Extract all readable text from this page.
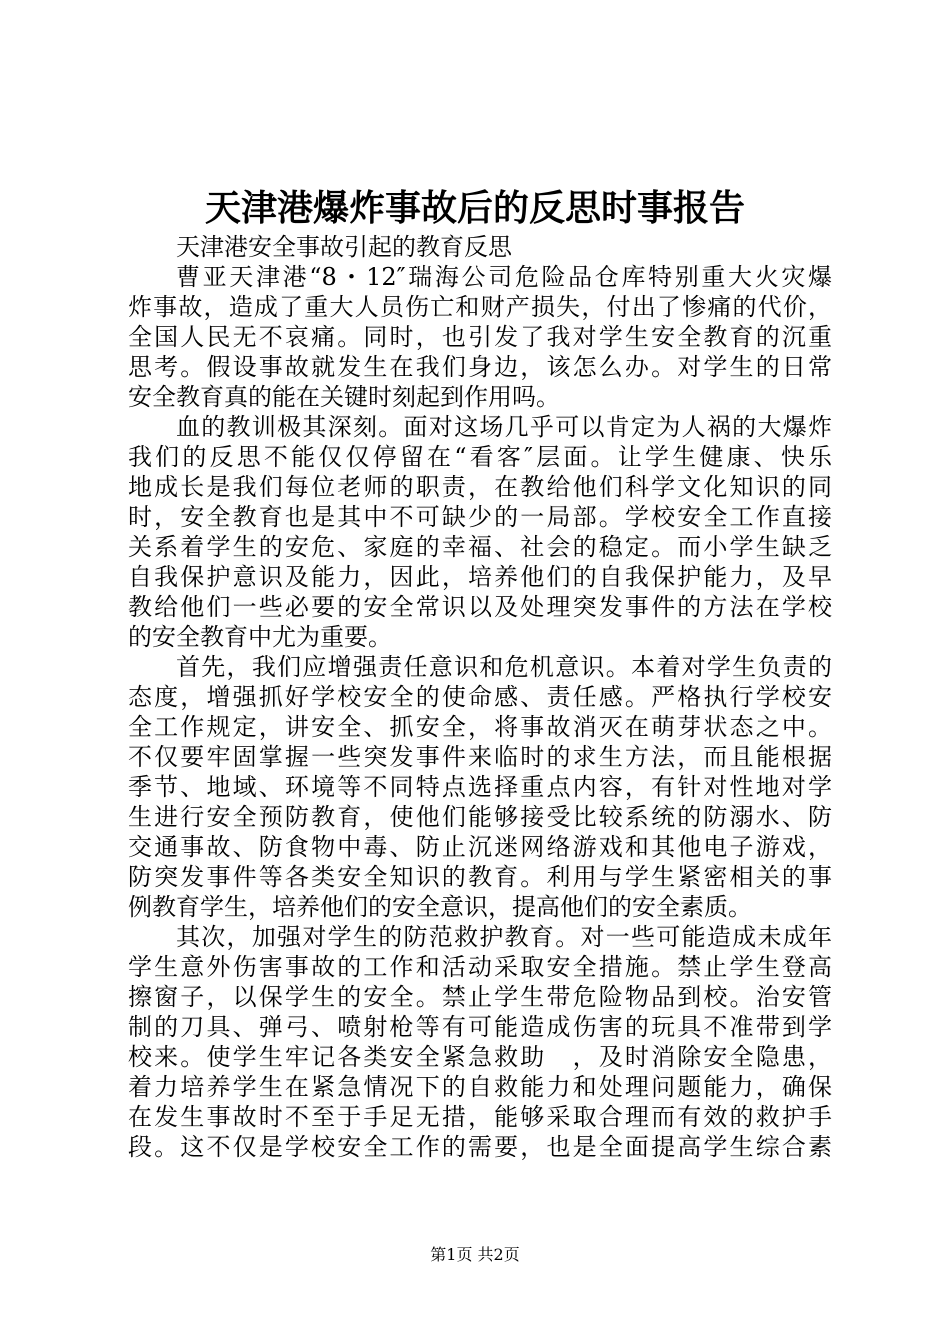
天津港爆炸事故后的反思时事报告
天津港安全事故引起的教育反思
曹亚天津港“8・12″瑞海公司危险品仓库特别重大火灾爆
炸事故，造成了重大人员伤亡和财产损失，付出了惨痛的代价，
全国人民无不哀痛。同时，也引发了我对学生安全教育的沉重
思考。假设事故就发生在我们身边，该怎么办。对学生的日常
安全教育真的能在关键时刻起到作用吗。
血的教训极其深刻。面对这场几乎可以肯定为人祸的大爆炸
我们的反思不能仅仅停留在“看客″层面。让学生健康、快乐
地成长是我们每位老师的职责，在教给他们科学文化知识的同
时，安全教育也是其中不可缺少的一局部。学校安全工作直接
关系着学生的安危、家庭的幸福、社会的稳定。而小学生缺乏
自我保护意识及能力，因此，培养他们的自我保护能力，及早
教给他们一些必要的安全常识以及处理突发事件的方法在学校
的安全教育中尤为重要。
首先，我们应增强责任意识和危机意识。本着对学生负责的
态度，增强抓好学校安全的使命感、责任感。严格执行学校安
全工作规定，讲安全、抓安全，将事故消灭在萌芽状态之中。
不仅要牢固掌握一些突发事件来临时的求生方法，而且能根据
季节、地域、环境等不同特点选择重点内容，有针对性地对学
生进行安全预防教育，使他们能够接受比较系统的防溺水、防
交通事故、防食物中毒、防止沉迷网络游戏和其他电子游戏，
防突发事件等各类安全知识的教育。利用与学生紧密相关的事
例教育学生，培养他们的安全意识，提高他们的安全素质。
其次，加强对学生的防范救护教育。对一些可能造成未成年
学生意外伤害事故的工作和活动采取安全措施。禁止学生登高
擦窗子，以保学生的安全。禁止学生带危险物品到校。治安管
制的刀具、弹弓、喷射枪等有可能造成伤害的玩具不准带到学
校来。使学生牢记各类安全紧急救助　，及时消除安全隐患，
着力培养学生在紧急情况下的自救能力和处理问题能力，确保
在发生事故时不至于手足无措，能够采取合理而有效的救护手
段。这不仅是学校安全工作的需要，也是全面提高学生综合素
第1页 共2页
